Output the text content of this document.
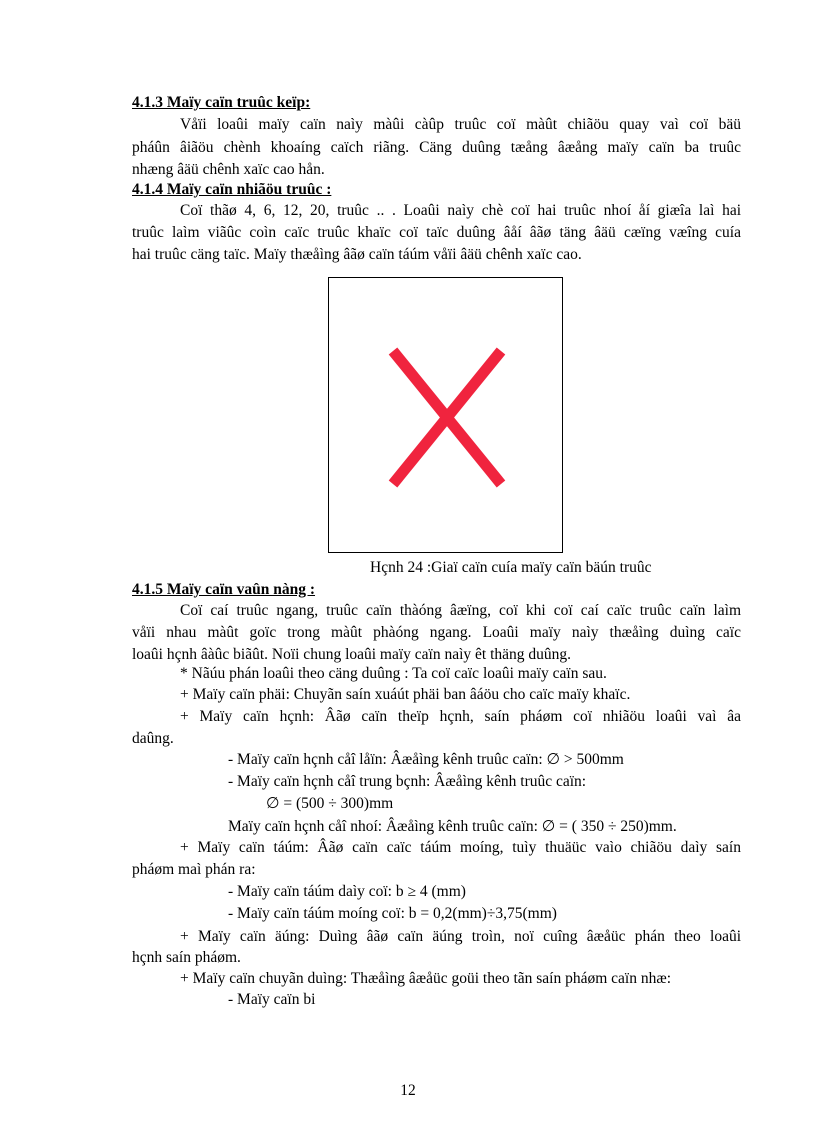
4.1.3 Maïy caïn truûc keïp:
Våïi loaûi maïy caïn naìy màûi càûp truûc coï màût chiãöu quay vaì coï bäü
pháûn âiãöu chènh khoaíng caïch riãng. Cäng duûng tæång âæång maïy caïn ba truûc
nhæng âäü chênh xaïc cao hån.
4.1.4 Maïy caïn nhiãöu truûc :
Coï thãø 4, 6, 12, 20, truûc .. . Loaûi naìy chè coï hai truûc nhoí åí giæîa laì hai
truûc laìm viãûc coìn caïc truûc khaïc coï taïc duûng âåí âãø täng âäü cæïng væîng cuía
hai truûc cäng taïc. Maïy thæåìng âãø caïn táúm våïi âäü chênh xaïc cao.
Hçnh 24 :Giaï caïn cuía maïy caïn bäún truûc
4.1.5 Maïy caïn vaûn nàng :
Coï caí truûc ngang, truûc caïn thàóng âæïng, coï khi coï caí caïc truûc caïn laìm
våïi nhau màût goïc trong màût phàóng ngang. Loaûi maïy naìy thæåìng duìng caïc
loaûi hçnh âàûc biãût. Noïi chung loaûi maïy caïn naìy êt thäng duûng.
* Nãúu phán loaûi theo cäng duûng : Ta coï caïc loaûi maïy caïn sau.
+ Maïy caïn phäi: Chuyãn saín xuáút phäi ban âáöu cho caïc maïy khaïc.
+ Maïy caïn hçnh: Âãø caïn theïp hçnh, saín pháøm coï nhiãöu loaûi vaì âa
daûng.
- Maïy caïn hçnh cåî låïn: Âæåìng kênh truûc caïn: ∅ > 500mm
- Maïy caïn hçnh cåî trung bçnh: Âæåìng kênh truûc caïn:
∅ = (500 ÷ 300)mm
Maïy caïn hçnh cåî nhoí: Âæåìng kênh truûc caïn: ∅ = ( 350 ÷ 250)mm.
+ Maïy caïn táúm: Âãø caïn caïc táúm moíng, tuìy thuäüc vaìo chiãöu daìy saín
pháøm maì phán ra:
- Maïy caïn táúm daìy coï: b ≥ 4 (mm)
- Maïy caïn táúm moíng coï: b = 0,2(mm)÷3,75(mm)
+ Maïy caïn äúng: Duìng âãø caïn äúng troìn, noï cuîng âæåüc phán theo loaûi
hçnh saín pháøm.
+ Maïy caïn chuyãn duìng: Thæåìng âæåüc goüi theo tãn saín pháøm caïn nhæ:
- Maïy caïn bi
12
